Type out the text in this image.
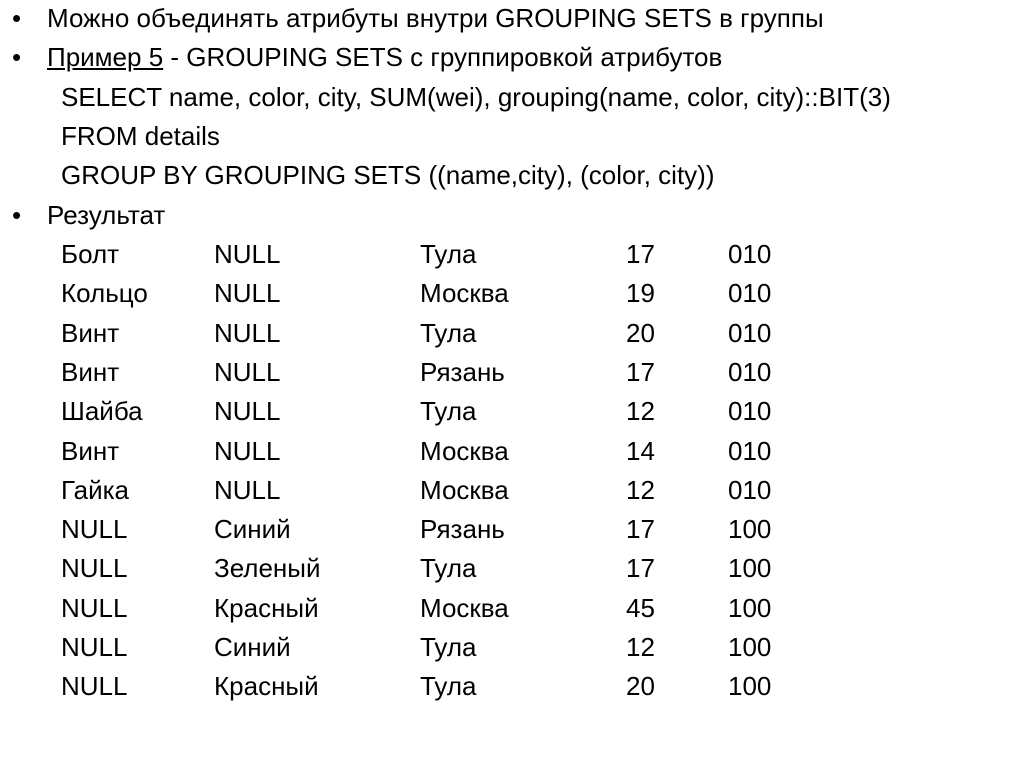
• Можно объединять атрибуты внутри GROUPING SETS в группы
• Пример 5 - GROUPING SETS с группировкой атрибутов
SELECT name, color, city, SUM(wei), grouping(name, color, city)::BIT(3)
FROM details
GROUP BY GROUPING SETS ((name,city), (color, city))
• Результат
Болт	NULL	Тула	17	010
Кольцо	NULL	Москва	19	010
Винт	NULL	Тула	20	010
Винт	NULL	Рязань	17	010
Шайба	NULL	Тула	12	010
Винт	NULL	Москва	14	010
Гайка	NULL	Москва	12	010
NULL	Синий	Рязань	17	100
NULL	Зеленый	Тула	17	100
NULL	Красный	Москва	45	100
NULL	Синий	Тула	12	100
NULL	Красный	Тула	20	100
